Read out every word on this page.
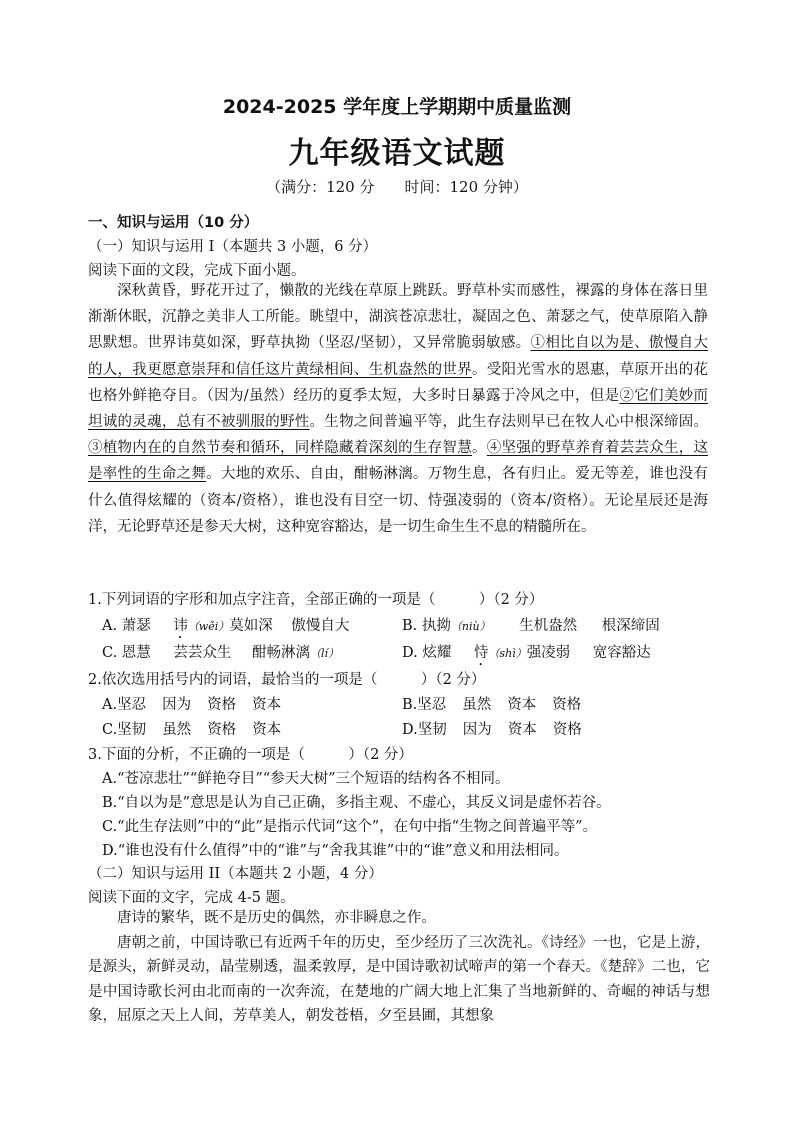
2024-2025 学年度上学期期中质量监测
九年级语文试题
（满分：120 分　　时间：120 分钟）
一、知识与运用（10 分）
（一）知识与运用 I（本题共 3 小题，6 分）
阅读下面的文段，完成下面小题。

深秋黄昏，野花开过了，懒散的光线在草原上跳跃。野草朴实而感性，裸露的身体在落日里渐渐休眠，沉静之美非人工所能。眺望中，湖滨苍凉悲壮，凝固之色、萧瑟之气，使草原陷入静思默想。世界讳莫如深，野草执拗（坚忍/坚韧），又异常脆弱敏感。①相比自以为是、傲慢自大的人，我更愿意崇拜和信任这片黄绿相间、生机盎然的世界。受阳光雪水的恩惠，草原开出的花也格外鲜艳夺目。（因为/虽然）经历的夏季太短，大多时日暴露于冷风之中，但是②它们美妙而坦诚的灵魂，总有不被驯服的野性。生物之间普遍平等，此生存法则早已在牧人心中根深缔固。③植物内在的自然节奏和循环，同样隐藏着深刻的生存智慧。④坚强的野草养育着芸芸众生，这是率性的生命之舞。大地的欢乐、自由，酣畅淋漓。万物生息，各有归止。爱无等差，谁也没有什么值得炫耀的（资本/资格），谁也没有目空一切、恃强凌弱的（资本/资格）。无论星辰还是海洋，无论野草还是参天大树，这种宽容豁达，是一切生命生生不息的精髓所在。

1.下列词语的字形和加点字注音，全部正确的一项是（　　　）（2 分）
A. 萧瑟 讳（wěi）莫如深 傲慢自大	B. 执拗（niù） 生机盎然 根深缔固
C. 恩慧 芸芸众生 酣畅淋漓（lí）	D. 炫耀 恃（shì）强凌弱 宽容豁达
2.依次选用括号内的词语，最恰当的一项是（　　　）（2 分）
A.坚忍 因为 资格 资本	B.坚忍 虽然 资本 资格
C.坚韧 虽然 资格 资本	D.坚韧 因为 资本 资格
3.下面的分析，不正确的一项是（　　　）（2 分）
A.“苍凉悲壮”“鲜艳夺目”“参天大树”三个短语的结构各不相同。
B.“自以为是”意思是认为自己正确，多指主观、不虚心，其反义词是虚怀若谷。
C.“此生存法则”中的“此”是指示代词“这个”，在句中指“生物之间普遍平等”。
D.“谁也没有什么值得”中的“谁”与“舍我其谁”中的“谁”意义和用法相同。
（二）知识与运用 II（本题共 2 小题，4 分）
阅读下面的文字，完成 4-5 题。

唐诗的繁华，既不是历史的偶然，亦非瞬息之作。

唐朝之前，中国诗歌已有近两千年的历史，至少经历了三次洗礼。《诗经》一也，它是上游，是源头，新鲜灵动，晶莹剔透，温柔敦厚，是中国诗歌初试啼声的第一个春天。《楚辞》二也，它是中国诗歌长河由北而南的一次奔流，在楚地的广阔大地上汇集了当地新鲜的、奇崛的神话与想象，屈原之天上人间，芳草美人，朝发苍梧，夕至县圃，其想象
